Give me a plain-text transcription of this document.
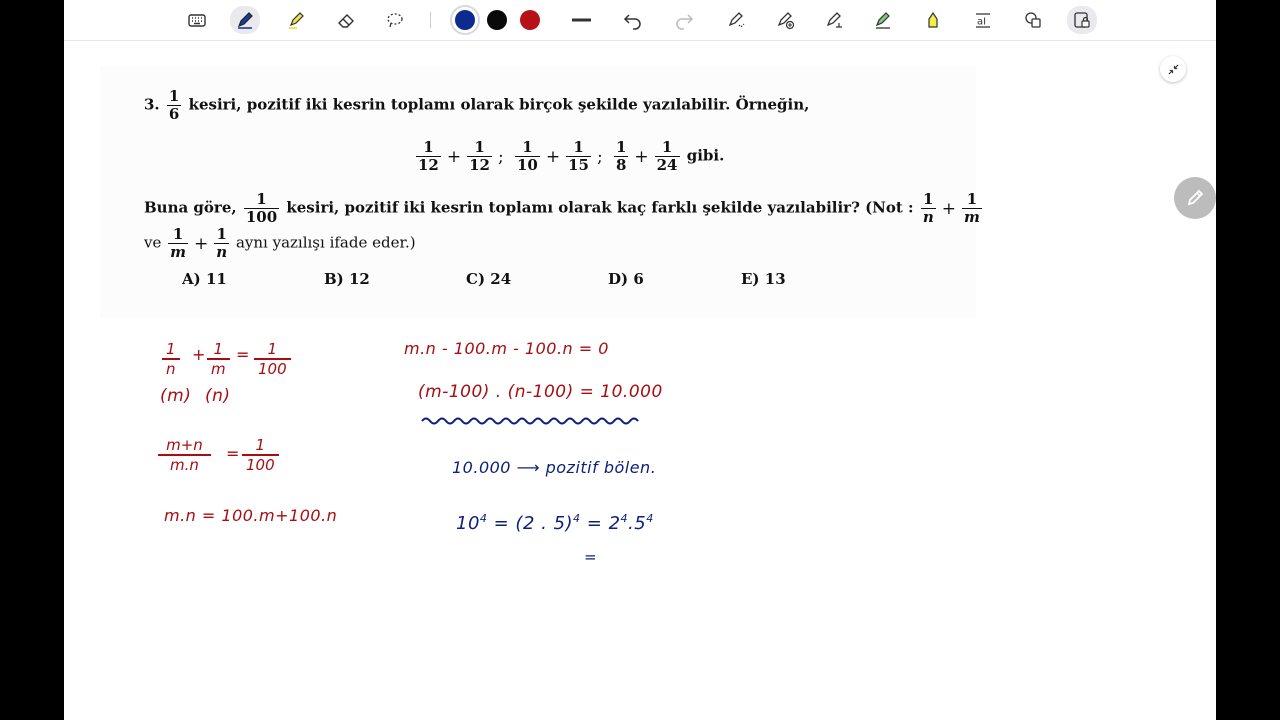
aI
3. $\frac{1}{6}$ kesiri, pozitif iki kesrin toplamı olarak birçok şekilde yazılabilir. Örneğin,
$\frac{1}{12} + \frac{1}{12}$ ; $\frac{1}{10} + \frac{1}{15}$ ; $\frac{1}{8} + \frac{1}{24}$ gibi.
Buna göre, $\frac{1}{100}$ kesiri, pozitif iki kesrin toplamı olarak kaç farklı şekilde yazılabilir? (Not : $\frac{1}{n} + \frac{1}{m}$
ve $\frac{1}{m} + \frac{1}{n}$ aynı yazılışı ifade eder.)
A) 11	B) 12	C) 24	D) 6	E) 13
1
n
+ 1
m
= 1
100
(m) (n)
m+n
m.n
= 1
100
m.n = 100.m+100.n
m.n - 100.m - 100.n = 0
(m-100) . (n-100) = 10.000
10.000 ⟶ pozitif bölen.
$10^4 = (2$ . $5)^4 = 2^4.5^4$
=
